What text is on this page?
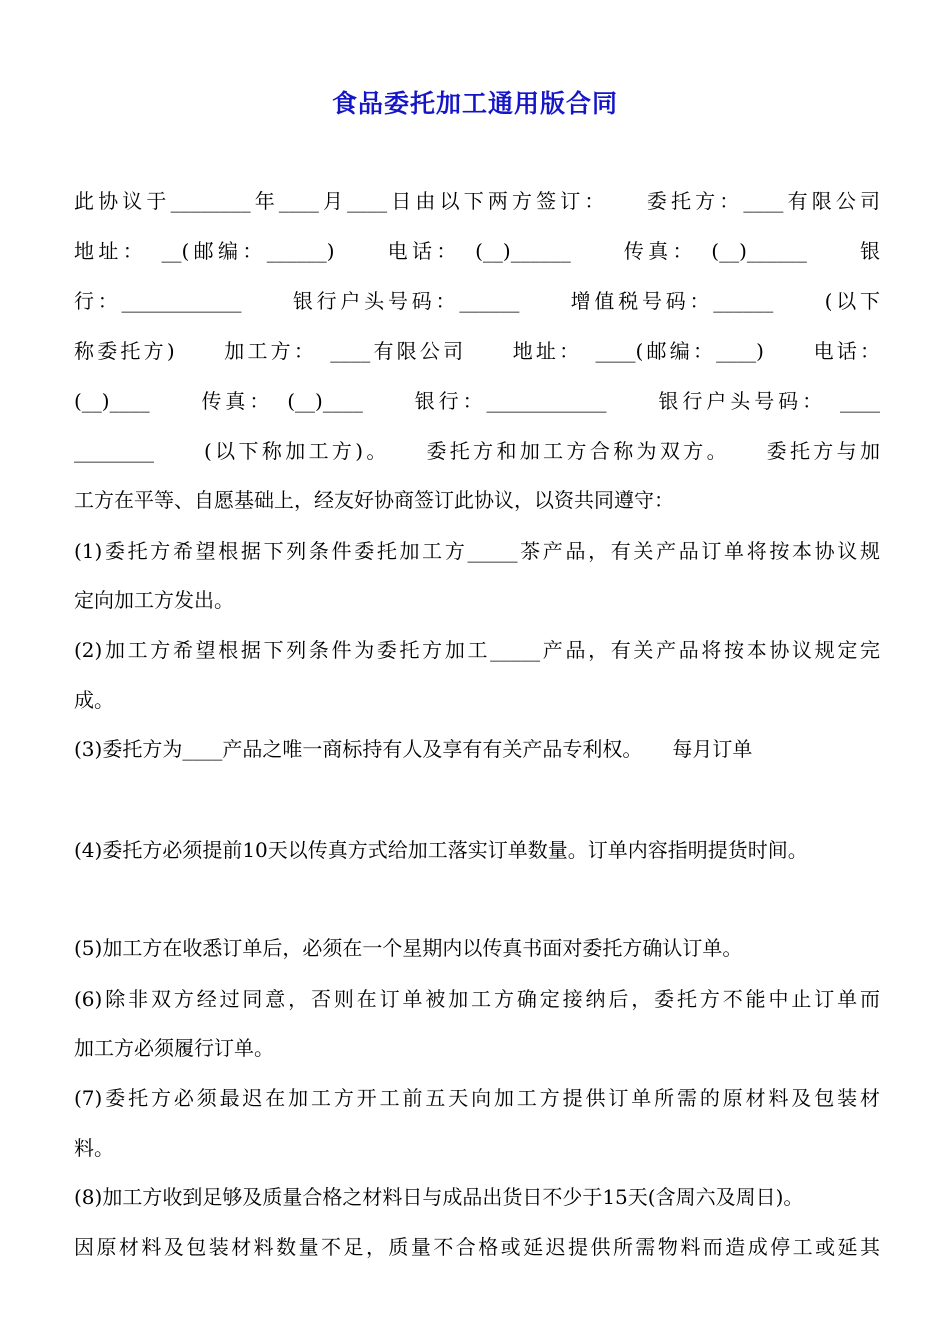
食品委托加工通用版合同
此协议于________年____月____日由以下两方签订：　　委托方：____有限公司
地址：　__(邮编：______)　　电话：　(__)______　　传真：　(__)______　　银
行：____________　　银行户头号码：______　　增值税号码：______　　(以下
称委托方)　　加工方：　____有限公司　　地址：　____(邮编：____)　　电话：
(__)____　　传真：　(__)____　　银行：____________　　银行户头号码：　____
________　　(以下称加工方)。　　委托方和加工方合称为双方。　　委托方与加
工方在平等、自愿基础上，经友好协商签订此协议，以资共同遵守：
(1)委托方希望根据下列条件委托加工方_____茶产品，有关产品订单将按本协议规
定向加工方发出。
(2)加工方希望根据下列条件为委托方加工_____产品，有关产品将按本协议规定完
成。
(3)委托方为____产品之唯一商标持有人及享有有关产品专利权。　　每月订单
(4)委托方必须提前10天以传真方式给加工落实订单数量。订单内容指明提货时间。
(5)加工方在收悉订单后，必须在一个星期内以传真书面对委托方确认订单。
(6)除非双方经过同意，否则在订单被加工方确定接纳后，委托方不能中止订单而
加工方必须履行订单。
(7)委托方必须最迟在加工方开工前五天向加工方提供订单所需的原材料及包装材
料。
(8)加工方收到足够及质量合格之材料日与成品出货日不少于15天(含周六及周日)。
因原材料及包装材料数量不足，质量不合格或延迟提供所需物料而造成停工或延其
